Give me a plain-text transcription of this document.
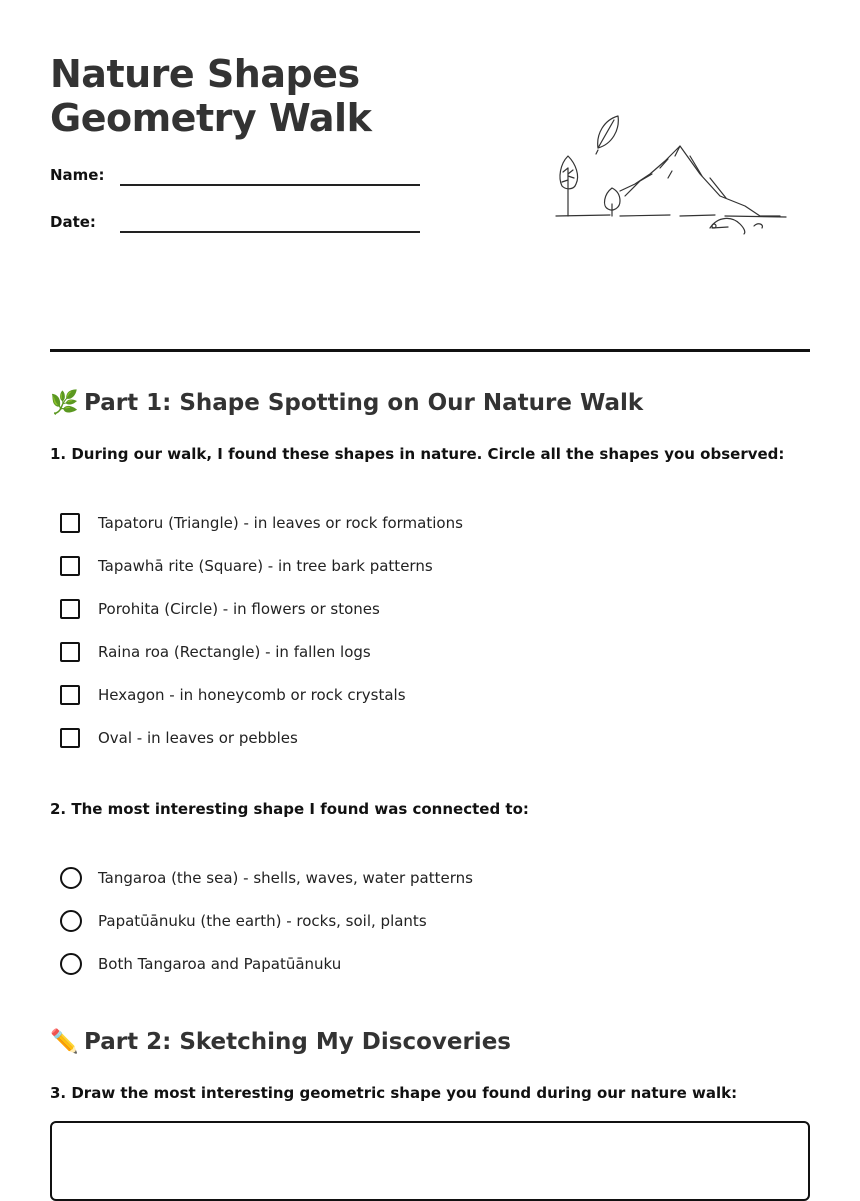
Nature Shapes
Geometry Walk
Name:
Date:
🌿 Part 1: Shape Spotting on Our Nature Walk

1. During our walk, I found these shapes in nature. Circle all the shapes you observed:

Tapatoru (Triangle) - in leaves or rock formations
Tapawhā rite (Square) - in tree bark patterns
Porohita (Circle) - in flowers or stones
Raina roa (Rectangle) - in fallen logs
Hexagon - in honeycomb or rock crystals
Oval - in leaves or pebbles

2. The most interesting shape I found was connected to:

Tangaroa (the sea) - shells, waves, water patterns
Papatūānuku (the earth) - rocks, soil, plants
Both Tangaroa and Papatūānuku
✏️ Part 2: Sketching My Discoveries

3. Draw the most interesting geometric shape you found during our nature walk:
